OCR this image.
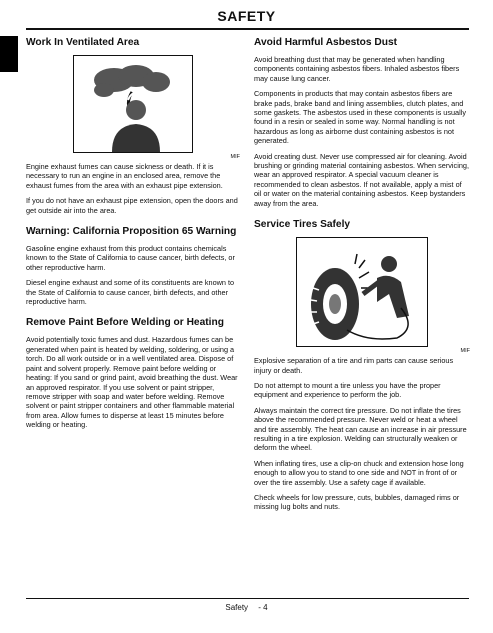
SAFETY
Work In Ventilated Area
MIF

Engine exhaust fumes can cause sickness or death. If it is necessary to run an engine in an enclosed area, remove the exhaust fumes from the area with an exhaust pipe extension.

If you do not have an exhaust pipe extension, open the doors and get outside air into the area.

Warning: California Proposition 65 Warning

Gasoline engine exhaust from this product contains chemicals known to the State of California to cause cancer, birth defects, or other reproductive harm.

Diesel engine exhaust and some of its constituents are known to the State of California to cause cancer, birth defects, and other reproductive harm.

Remove Paint Before Welding or Heating

Avoid potentially toxic fumes and dust. Hazardous fumes can be generated when paint is heated by welding, soldering, or using a torch. Do all work outside or in a well ventilated area. Dispose of paint and solvent properly. Remove paint before welding or heating: If you sand or grind paint, avoid breathing the dust. Wear an approved respirator. If you use solvent or paint stripper, remove stripper with soap and water before welding. Remove solvent or paint stripper containers and other flammable material from area. Allow fumes to disperse at least 15 minutes before welding or heating.

Avoid Harmful Asbestos Dust

Avoid breathing dust that may be generated when handling components containing asbestos fibers. Inhaled asbestos fibers may cause lung cancer.

Components in products that may contain asbestos fibers are brake pads, brake band and lining assemblies, clutch plates, and some gaskets. The asbestos used in these components is usually found in a resin or sealed in some way. Normal handling is not hazardous as long as airborne dust containing asbestos is not generated.

Avoid creating dust. Never use compressed air for cleaning. Avoid brushing or grinding material containing asbestos. When servicing, wear an approved respirator. A special vacuum cleaner is recommended to clean asbestos. If not available, apply a mist of oil or water on the material containing asbestos. Keep bystanders away from the area.

Service Tires Safely
MIF

Explosive separation of a tire and rim parts can cause serious injury or death.

Do not attempt to mount a tire unless you have the proper equipment and experience to perform the job.

Always maintain the correct tire pressure. Do not inflate the tires above the recommended pressure. Never weld or heat a wheel and tire assembly. The heat can cause an increase in air pressure resulting in a tire explosion. Welding can structurally weaken or deform the wheel.

When inflating tires, use a clip-on chuck and extension hose long enough to allow you to stand to one side and NOT in front of or over the tire assembly. Use a safety cage if available.

Check wheels for low pressure, cuts, bubbles, damaged rims or missing lug bolts and nuts.

Safety - 4
